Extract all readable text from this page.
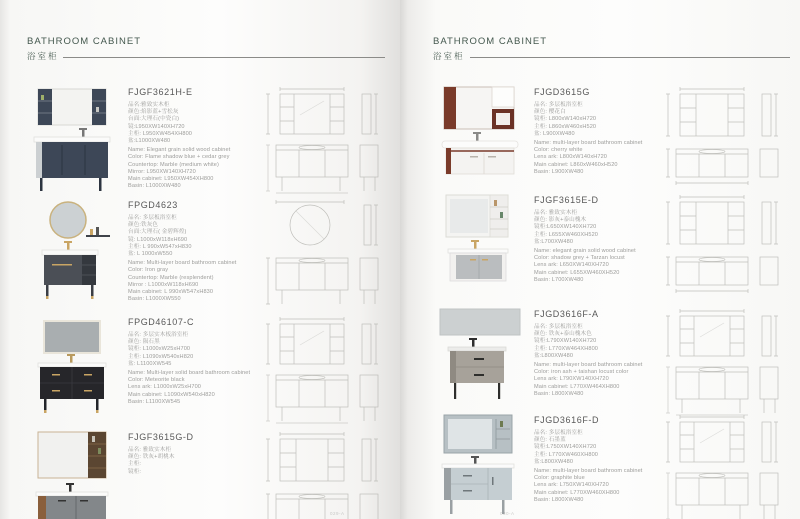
BATHROOM CABINET
浴室柜
FJGF3621H-E
品名:雅致实木柜
颜色:焰影蓝+雪松灰
台面:大理石(中瓷白)
镜:L950XW140XH720
主柜: L950XW454XH800
盆:L1000XW480
Name: Elegant grain solid wood cabinet
Color: Flame shadow blue + cedar grey
Countertop: Marble (medium white)
Mirror: L950XW140XH720
Main cabinet: L950XW454XH800
Basin: L1000XW480
FPGD4623
品名: 多层板浴室柜
颜色:铁灰色
台面:大理石( 金碧辉煌)
镜: L1000xW118xH690
主柜: L 990xW547xH830
盆: L 1000xW550
Name: Multi-layer board bathroom cabinet
Color: Iron gray
Countertop: Marble (resplendent)
Mirror : L1000xW118xH690
Main cabinet: L 990xW547xH830
Basin: L1000XW550
FPGD46107-C
品名: 多层实木板浴室柜
颜色: 陨石黑
镜柜: L1000xW25xH700
主柜: L1090xW540xH820
盆: L1100XW545
Name: Multi-layer solid board bathroom cabinet
Color: Meteorite black
Lens ark: L1000xW25xH700
Main cabinet: L1090xW540xH820
Basin: L1100XW545
FJGF3615G-D
品名: 雅致实木柜
颜色: 铁灰+胡桃木
主柜:
镜柜:
029-A
BATHROOM CABINET
浴室柜
FJGD3615G
品名: 多层板浴室柜
颜色: 樱花白
镜柜: L800xW140xH720
主柜: L860xW460xH520
盆: L900XW480
Name: multi-layer board bathroom cabinet
Color: cherry white
Lens ark: L800xW140xH720
Main cabinet: L860xW460xH520
Basin: L900XW480
FJGF3615E-D
品名: 雅致实木柜
颜色: 影灰+泰山槐木
镜柜:L650XW140XH720
主柜: L655XW460XH520
盆:L700XW480
Name: elegant grain solid wood cabinet
Color: shadow grey + Tarzan locust
Lens ark: L650XW140XH720
Main cabinet: L655XW460XH520
Basin: L700XW480
FJGD3616F-A
品名: 多层板浴室柜
颜色: 铁灰+泰山槐木色
镜柜:L790XW140XH720
主柜: L770XW464XH800
盆:L800XW480
Name: multi-layer board bathroom cabinet
Color: iron ash + taishan locust color
Lens ark: L790XW140XH720
Main cabinet: L770XW464XH800
Basin: L800XW480
FJGD3616F-D
品名: 多层板浴室柜
颜色: 石墨蓝
镜柜:L750XW140XH720
主柜: L770XW460XH800
盆:L800XW480
Name: multi-layer board bathroom cabinet
Color: graphite blue
Lens ark: L750XW140XH720
Main cabinet: L770XW460XH800
Basin: L800XW480
030-A
